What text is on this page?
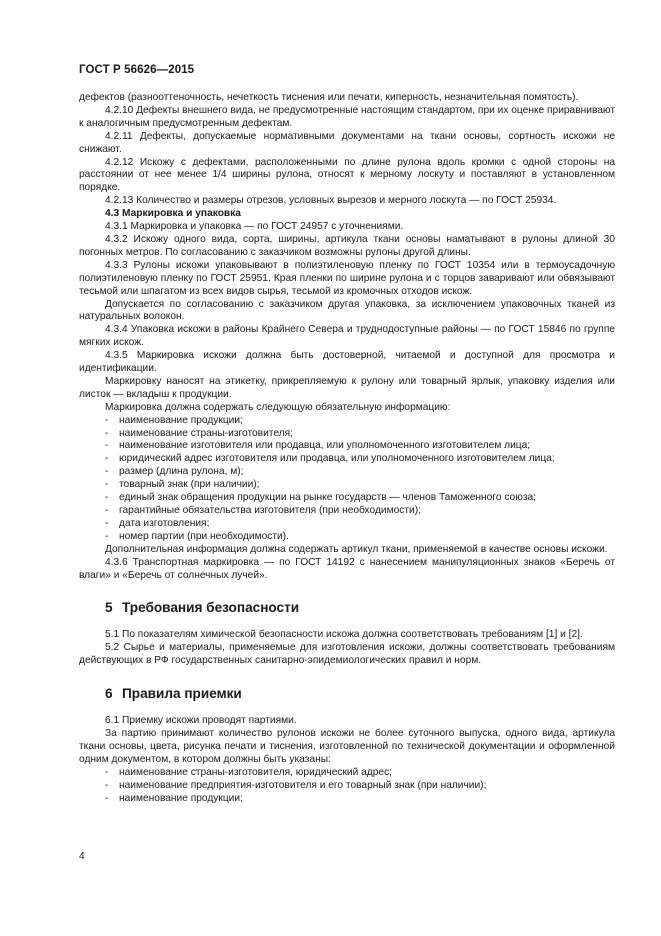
ГОСТ Р 56626—2015
дефектов (разнооттеночность, нечеткость тиснения или печати, киперность, незначительная помятость).
4.2.10 Дефекты внешнего вида, не предусмотренные настоящим стандартом, при их оценке приравнивают к аналогичным предусмотренным дефектам.
4.2.11 Дефекты, допускаемые нормативными документами на ткани основы, сортность искожи не снижают.
4.2.12 Искожу с дефектами, расположенными по длине рулона вдоль кромки с одной стороны на расстоянии от нее менее 1/4 ширины рулона, относят к мерному лоскуту и поставляют в установленном порядке.
4.2.13 Количество и размеры отрезов, условных вырезов и мерного лоскута — по ГОСТ 25934.
4.3 Маркировка и упаковка
4.3.1 Маркировка и упаковка — по ГОСТ 24957 с уточнениями.
4.3.2 Искожу одного вида, сорта, ширины, артикула ткани основы наматывают в рулоны длиной 30 погонных метров. По согласованию с заказчиком возможны рулоны другой длины.
4.3.3 Рулоны искожи упаковывают в полиэтиленовую пленку по ГОСТ 10354 или в термоусадочную полиэтиленовую пленку по ГОСТ 25951. Края пленки по ширине рулона и с торцов заваривают или обвязывают тесьмой или шпагатом из всех видов сырья, тесьмой из кромочных отходов искож.
Допускается по согласованию с заказчиком другая упаковка, за исключением упаковочных тканей из натуральных волокон.
4.3.4 Упаковка искожи в районы Крайнего Севера и труднодоступные районы — по ГОСТ 15846 по группе мягких искож.
4.3.5 Маркировка искожи должна быть достоверной, читаемой и доступной для просмотра и идентификации.
Маркировку наносят на этикетку, прикрепляемую к рулону или товарный ярлык, упаковку изделия или листок — вкладыш к продукции.
Маркировка должна содержать следующую обязательную информацию:
- наименование продукции;
- наименование страны-изготовителя;
- наименование изготовителя или продавца, или уполномоченного изготовителем лица;
- юридический адрес изготовителя или продавца, или уполномоченного изготовителем лица;
- размер (длина рулона, м);
- товарный знак (при наличии);
- единый знак обращения продукции на рынке государств — членов Таможенного союза;
- гарантийные обязательства изготовителя (при необходимости);
- дата изготовления;
- номер партии (при необходимости).
Дополнительная информация должна содержать артикул ткани, применяемой в качестве основы искожи.
4.3.6 Транспортная маркировка — по ГОСТ 14192 с нанесением манипуляционных знаков «Беречь от влаги» и «Беречь от солнечных лучей».
5 Требования безопасности
5.1 По показателям химической безопасности искожа должна соответствовать требованиям [1] и [2].
5.2 Сырье и материалы, применяемые для изготовления искожи, должны соответствовать требованиям действующих в РФ государственных санитарно-эпидемиологических правил и норм.
6 Правила приемки
6.1 Приемку искожи проводят партиями.
За партию принимают количество рулонов искожи не более суточного выпуска, одного вида, артикула ткани основы, цвета, рисунка печати и тиснения, изготовленной по технической документации и оформленной одним документом, в котором должны быть указаны:
- наименование страны-изготовителя, юридический адрес;
- наименование предприятия-изготовителя и его товарный знак (при наличии);
- наименование продукции;
4
